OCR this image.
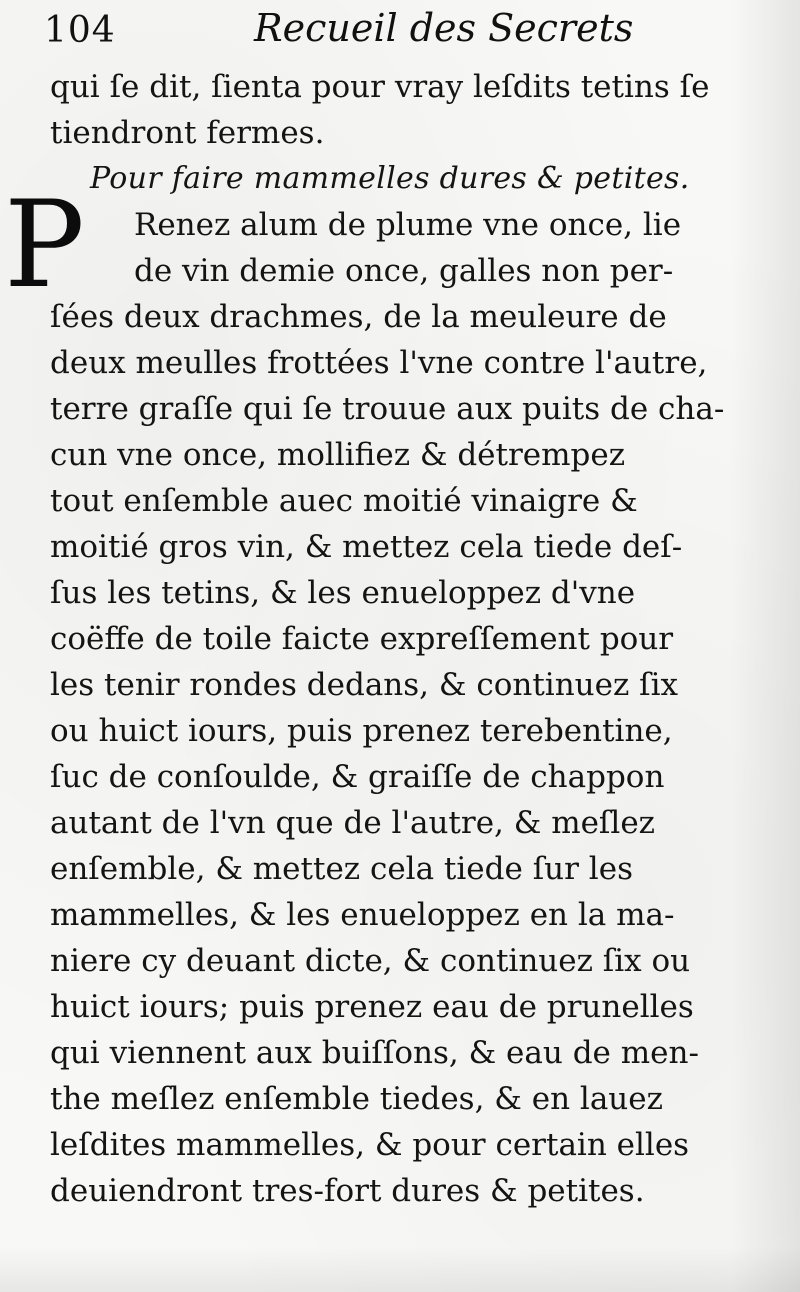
104	Recueil des Secrets
P
qui ſe dit, ſienta pour vray leſdits tetins ſe
tiendront fermes.
Pour faire mammelles dures & petites.
Renez alum de plume vne once, lie
de vin demie once, galles non per-
ſées deux drachmes, de la meuleure de
deux meulles frottées l'vne contre l'autre,
terre graſſe qui ſe trouue aux puits de cha-
cun vne once, mollifiez & détrempez
tout enſemble auec moitié vinaigre &
moitié gros vin, & mettez cela tiede deſ-
ſus les tetins, & les enueloppez d'vne
coëffe de toile faicte expreſſement pour
les tenir rondes dedans, & continuez ſix
ou huict iours, puis prenez terebentine,
ſuc de conſoulde, & graiſſe de chappon
autant de l'vn que de l'autre, & meſlez
enſemble, & mettez cela tiede ſur les
mammelles, & les enueloppez en la ma-
niere cy deuant dicte, & continuez ſix ou
huict iours; puis prenez eau de prunelles
qui viennent aux buiſſons, & eau de men-
the meſlez enſemble tiedes, & en lauez
leſdites mammelles, & pour certain elles
deuiendront tres-fort dures & petites.
